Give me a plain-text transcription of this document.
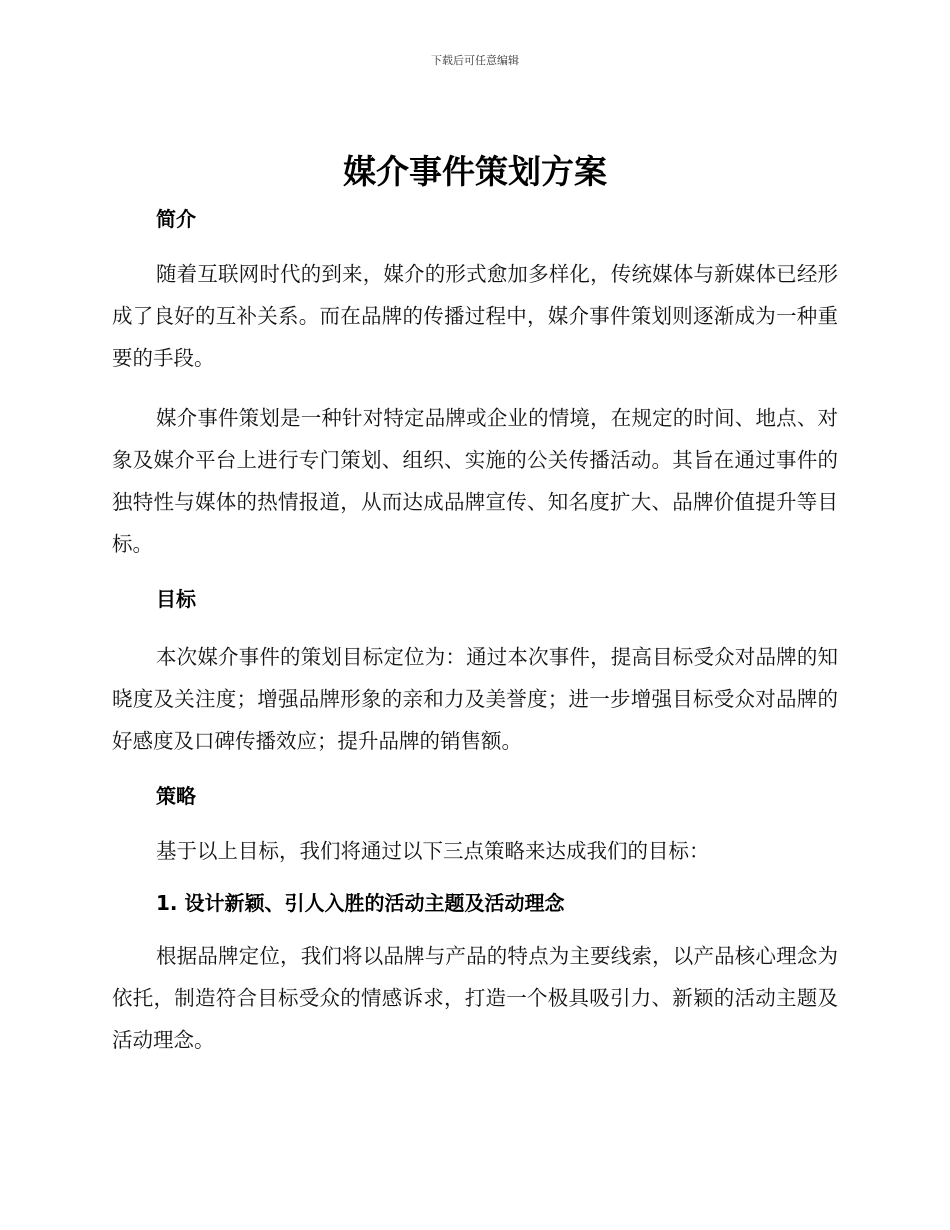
下载后可任意编辑
媒介事件策划方案
简介

随着互联网时代的到来，媒介的形式愈加多样化，传统媒体与新媒体已经形成了良好的互补关系。而在品牌的传播过程中，媒介事件策划则逐渐成为一种重要的手段。

媒介事件策划是一种针对特定品牌或企业的情境，在规定的时间、地点、对象及媒介平台上进行专门策划、组织、实施的公关传播活动。其旨在通过事件的独特性与媒体的热情报道，从而达成品牌宣传、知名度扩大、品牌价值提升等目标。

目标

本次媒介事件的策划目标定位为：通过本次事件，提高目标受众对品牌的知晓度及关注度；增强品牌形象的亲和力及美誉度；进一步增强目标受众对品牌的好感度及口碑传播效应；提升品牌的销售额。

策略

基于以上目标，我们将通过以下三点策略来达成我们的目标：

1. 设计新颖、引人入胜的活动主题及活动理念

根据品牌定位，我们将以品牌与产品的特点为主要线索，以产品核心理念为依托，制造符合目标受众的情感诉求，打造一个极具吸引力、新颖的活动主题及活动理念。
